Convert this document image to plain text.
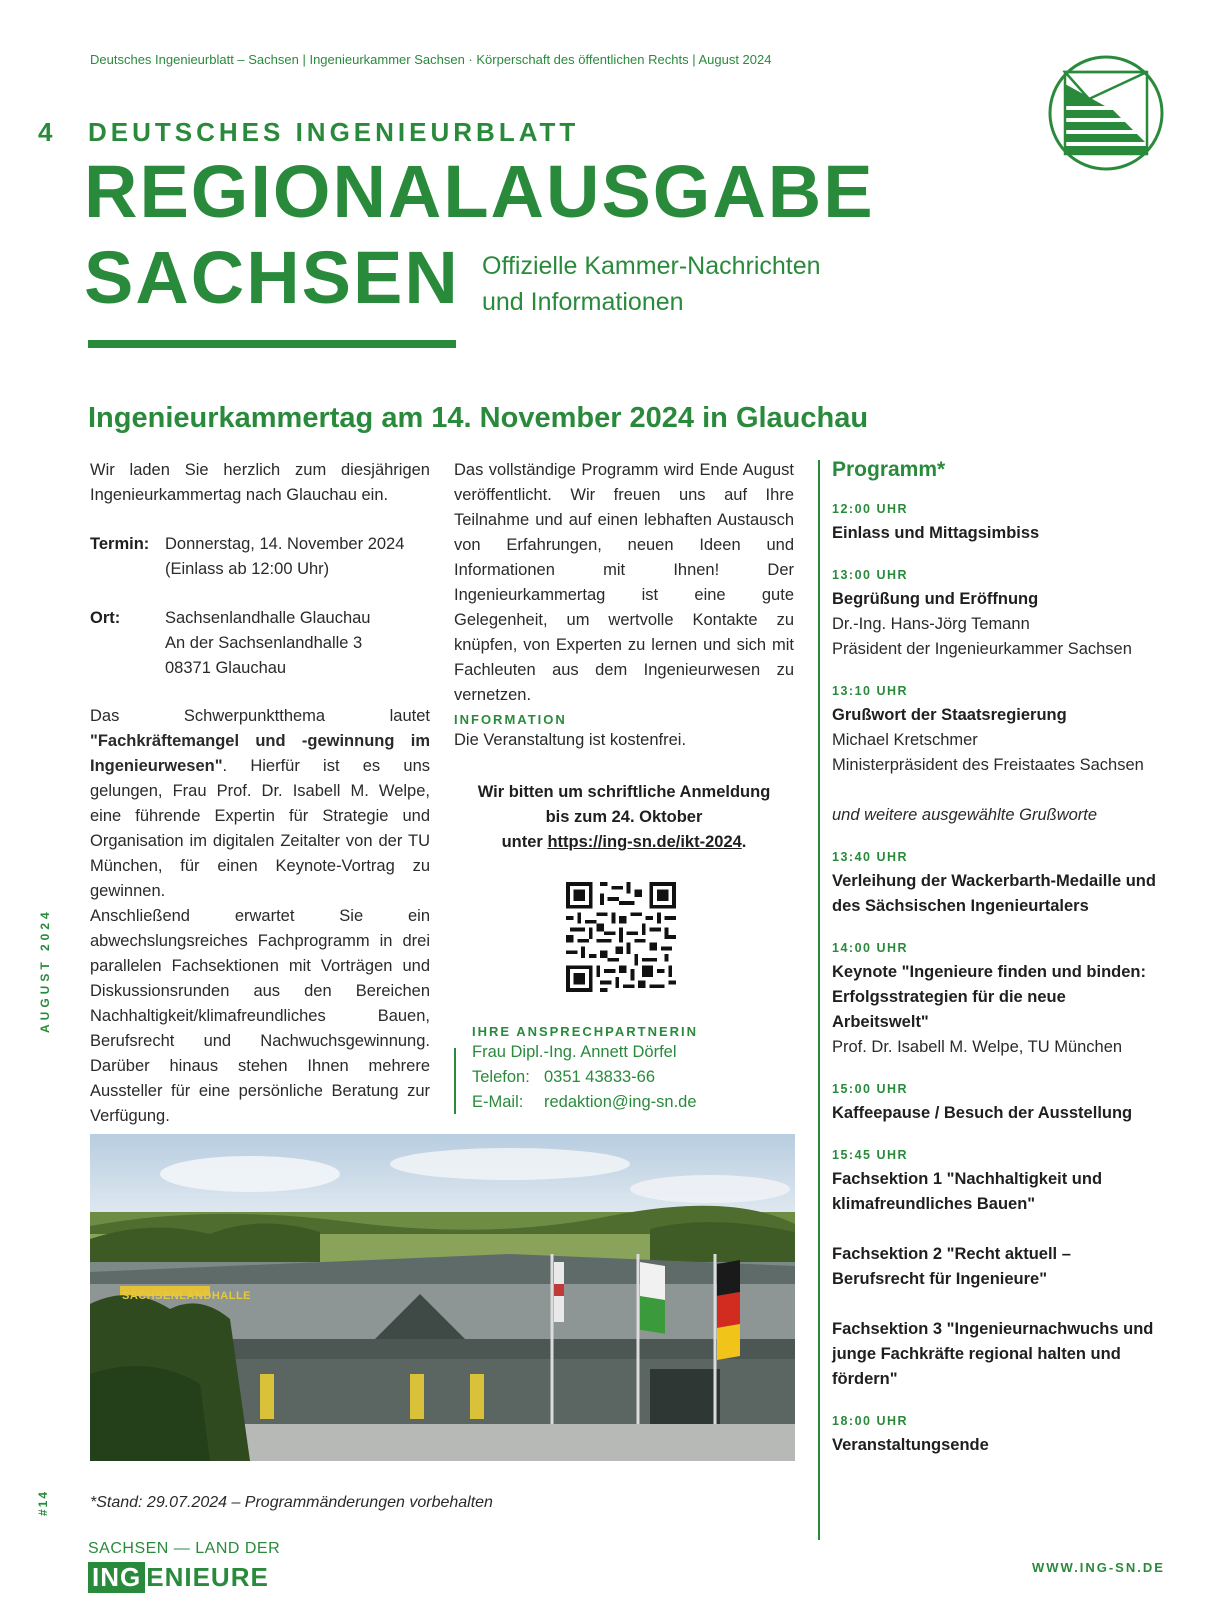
Deutsches Ingenieurblatt – Sachsen | Ingenieurkammer Sachsen · Körperschaft des öffentlichen Rechts | August 2024
4 DEUTSCHES INGENIEURBLATT
REGIONALAUSGABE
SACHSEN Offizielle Kammer-Nachrichten
und Informationen
Ingenieurkammertag am 14. November 2024 in Glauchau
Wir laden Sie herzlich zum diesjährigen Ingenieurkammertag nach Glauchau ein.
Termin: Donnerstag, 14. November 2024
(Einlass ab 12:00 Uhr)
Ort:	Sachsenlandhalle Glauchau
An der Sachsenlandhalle 3
08371 Glauchau
Das Schwerpunktthema lautet "Fachkräftemangel und -gewinnung im Ingenieurwesen". Hierfür ist es uns gelungen, Frau Prof. Dr. Isabell M. Welpe, eine führende Expertin für Strategie und Organisation im digitalen Zeitalter von der TU München, für einen Keynote-Vortrag zu gewinnen.
Anschließend erwartet Sie ein abwechslungsreiches Fachprogramm in drei parallelen Fachsektionen mit Vorträgen und Diskussionsrunden aus den Bereichen Nachhaltigkeit/klimafreundliches Bauen, Berufsrecht und Nachwuchsgewinnung. Darüber hinaus stehen Ihnen mehrere Aussteller für eine persönliche Beratung zur Verfügung.
Das vollständige Programm wird Ende August veröffentlicht. Wir freuen uns auf Ihre Teilnahme und auf einen lebhaften Austausch von Erfahrungen, neuen Ideen und Informationen mit Ihnen! Der Ingenieurkammertag ist eine gute Gelegenheit, um wertvolle Kontakte zu knüpfen, von Experten zu lernen und sich mit Fachleuten aus dem Ingenieurwesen zu vernetzen.
INFORMATION
Die Veranstaltung ist kostenfrei.
Wir bitten um schriftliche Anmeldung
bis zum 24. Oktober
unter https://ing-sn.de/ikt-2024.
IHRE ANSPRECHPARTNERIN
Frau Dipl.-Ing. Annett Dörfel
Telefon: 0351 43833-66
E-Mail:	redaktion@ing-sn.de
SACHSENLANDHALLE
Programm*
12:00 UHR
Einlass und Mittagsimbiss
13:00 UHR
Begrüßung und Eröffnung
Dr.-Ing. Hans-Jörg Temann
Präsident der Ingenieurkammer Sachsen
13:10 UHR
Grußwort der Staatsregierung
Michael Kretschmer
Ministerpräsident des Freistaates Sachsen
und weitere ausgewählte Grußworte
13:40 UHR
Verleihung der Wackerbarth-Medaille und des Sächsischen Ingenieurtalers
14:00 UHR
Keynote "Ingenieure finden und binden: Erfolgsstrategien für die neue Arbeitswelt"
Prof. Dr. Isabell M. Welpe, TU München
15:00 UHR
Kaffeepause / Besuch der Ausstellung
15:45 UHR
Fachsektion 1 "Nachhaltigkeit und klimafreundliches Bauen"
Fachsektion 2 "Recht aktuell – Berufsrecht für Ingenieure"
Fachsektion 3 "Ingenieurnachwuchs und junge Fachkräfte regional halten und fördern"
18:00 UHR
Veranstaltungsende
AUGUST 2024
#14 *Stand: 29.07.2024 – Programmänderungen vorbehalten
SACHSEN — LAND DER
ING ENIEURE	WWW.ING-SN.DE
